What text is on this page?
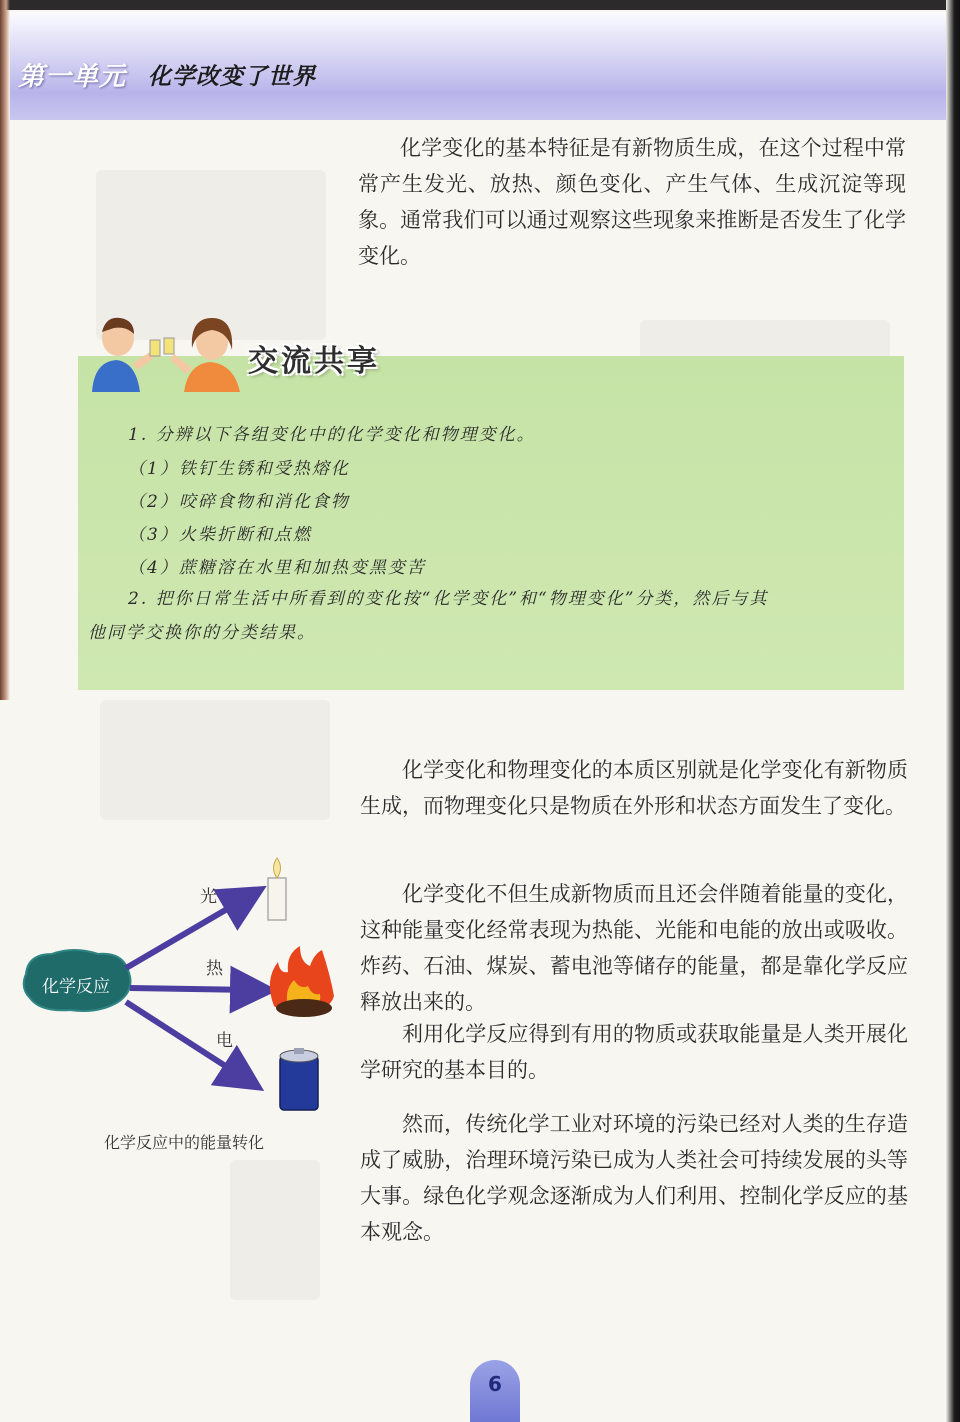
第一单元 化学改变了世界

化学变化的基本特征是有新物质生成，在这个过程中常常产生发光、放热、颜色变化、产生气体、生成沉淀等现象。通常我们可以通过观察这些现象来推断是否发生了化学变化。

交流共享
1. 分辨以下各组变化中的化学变化和物理变化。
（1）铁钉生锈和受热熔化
（2）咬碎食物和消化食物
（3）火柴折断和点燃
（4）蔗糖溶在水里和加热变黑变苦
2. 把你日常生活中所看到的变化按“化学变化”和“物理变化”分类，然后与其
他同学交换你的分类结果。

化学变化和物理变化的本质区别就是化学变化有新物质生成，而物理变化只是物质在外形和状态方面发生了变化。

化学反应
光
热
电
化学反应中的能量转化

化学变化不但生成新物质而且还会伴随着能量的变化，这种能量变化经常表现为热能、光能和电能的放出或吸收。炸药、石油、煤炭、蓄电池等储存的能量，都是靠化学反应释放出来的。

利用化学反应得到有用的物质或获取能量是人类开展化学研究的基本目的。

然而，传统化学工业对环境的污染已经对人类的生存造成了威胁，治理环境污染已成为人类社会可持续发展的头等大事。绿色化学观念逐渐成为人们利用、控制化学反应的基本观念。

6
